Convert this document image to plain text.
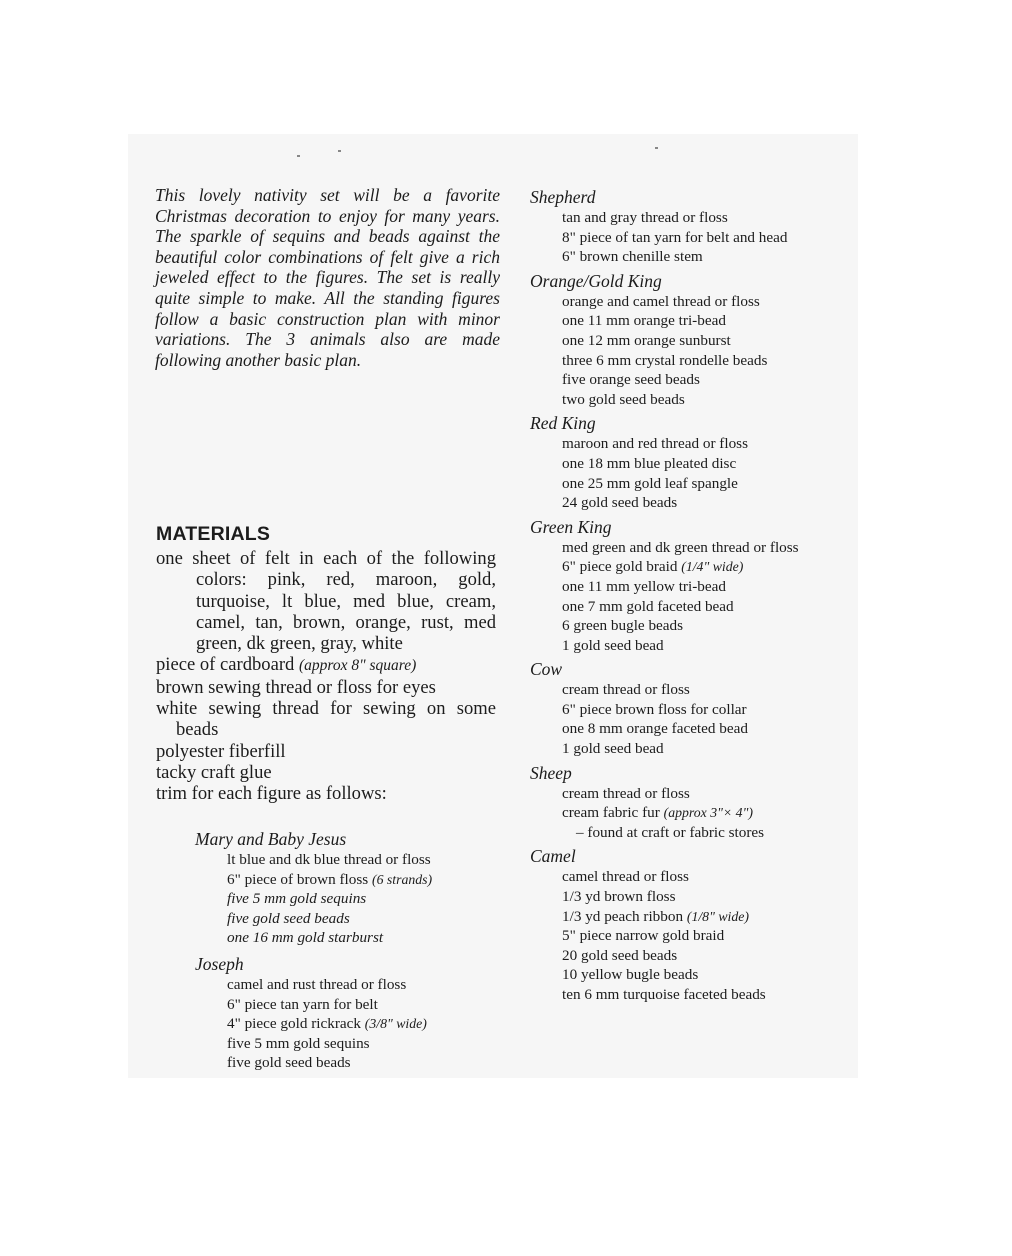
This lovely nativity set will be a favorite Christmas decoration to enjoy for many years. The sparkle of sequins and beads against the beautiful color combinations of felt give a rich jeweled effect to the figures. The set is really quite simple to make. All the standing figures follow a basic construction plan with minor variations. The 3 animals also are made following another basic plan.

MATERIALS

one sheet of felt in each of the following colors: pink, red, maroon, gold, turquoise, lt blue, med blue, cream, camel, tan, brown, orange, rust, med green, dk green, gray, white

piece of cardboard (approx 8" square)

brown sewing thread or floss for eyes

white sewing thread for sewing on some beads

polyester fiberfill

tacky craft glue

trim for each figure as follows:

Mary and Baby Jesus

lt blue and dk blue thread or floss
6" piece of brown floss (6 strands)
five 5 mm gold sequins
five gold seed beads
one 16 mm gold starburst

Joseph

camel and rust thread or floss
6" piece tan yarn for belt
4" piece gold rickrack (3/8" wide)
five 5 mm gold sequins
five gold seed beads

Shepherd

tan and gray thread or floss
8" piece of tan yarn for belt and head
6" brown chenille stem

Orange/Gold King

orange and camel thread or floss
one 11 mm orange tri-bead
one 12 mm orange sunburst
three 6 mm crystal rondelle beads
five orange seed beads
two gold seed beads

Red King

maroon and red thread or floss
one 18 mm blue pleated disc
one 25 mm gold leaf spangle
24 gold seed beads

Green King

med green and dk green thread or floss
6" piece gold braid (1/4" wide)
one 11 mm yellow tri-bead
one 7 mm gold faceted bead
6 green bugle beads
1 gold seed bead

Cow

cream thread or floss
6" piece brown floss for collar
one 8 mm orange faceted bead
1 gold seed bead

Sheep

cream thread or floss
cream fabric fur (approx 3"× 4")
– found at craft or fabric stores

Camel

camel thread or floss
1/3 yd brown floss
1/3 yd peach ribbon (1/8" wide)
5" piece narrow gold braid
20 gold seed beads
10 yellow bugle beads
ten 6 mm turquoise faceted beads
